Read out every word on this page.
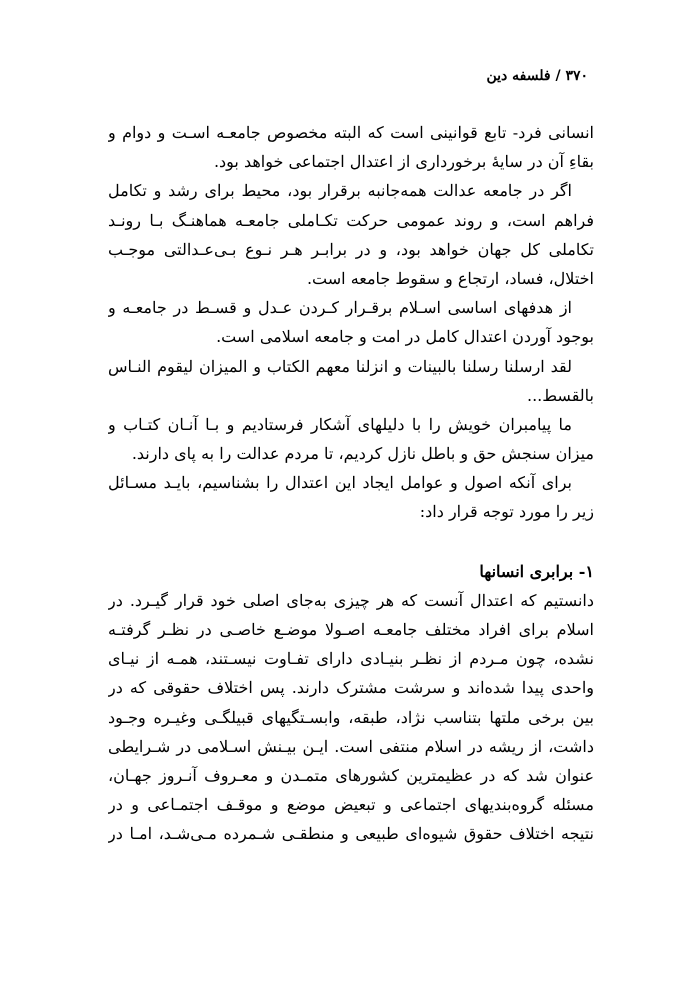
۳۷۰ / فلسفه دین
انسانی فرد- تابع قوانینی است که البته مخصوص جامعـه اسـت و دوام و
بقاءِ آن در سایهٔ برخورداری از اعتدال اجتماعی خواهد بود.
اگر در جامعه عدالت همه‌جانبه برقرار بود، محیط برای رشد و تکامل
فراهم است، و روند عمومی حرکت تکـاملی جامعـه هماهنـگ بـا رونـد
تکاملی کل جهان خواهد بود، و در برابـر هـر نـوع بـی‌عـدالتی موجـب
اختلال، فساد، ارتجاع و سقوط جامعه است.
از هدفهای اساسی اسـلام برقـرار کـردن عـدل و قسـط در جامعـه و
بوجود آوردن اعتدال کامل در امت و جامعه اسلامی است.
لقد ارسلنا رسلنا بالبینات و انزلنا معهم الکتاب و المیزان لیقوم النـاس
بالقسط...
ما پیامبران خویش را با دلیلهای آشکار فرستادیم و بـا آنـان کتـاب و
میزان سنجش حق و باطل نازل کردیم، تا مردم عدالت را به پای دارند.
برای آنکه اصول و عوامل ایجاد این اعتدال را بشناسیم، بایـد مسـائل
زیر را مورد توجه قرار داد:
۱- برابری انسانها
دانستیم که اعتدال آنست که هر چیزی به‌جای اصلی خود قرار گیـرد. در
اسلام برای افراد مختلف جامعـه اصـولا موضـع خاصـی در نظـر گرفتـه
نشده، چون مـردم از نظـر بنیـادی دارای تفـاوت نیسـتند، همـه از نیـای
واحدی پیدا شده‌اند و سرشت مشترک دارند. پس اختلاف حقوقی که در
بین برخی ملتها بتناسب نژاد، طبقه، وابسـتگیهای قبیلگـی وغیـره وجـود
داشت، از ریشه در اسلام منتفی است. ایـن بیـنش اسـلامی در شـرایطی
عنوان شد که در عظیمترین کشورهای متمـدن و معـروف آنـروز جهـان،
مسئله گروه‌بندیهای اجتماعی و تبعیض موضع و موقـف اجتمـاعی و در
نتیجه اختلاف حقوق شیوه‌ای طبیعی و منطقـی شـمرده مـی‌شـد، امـا در
